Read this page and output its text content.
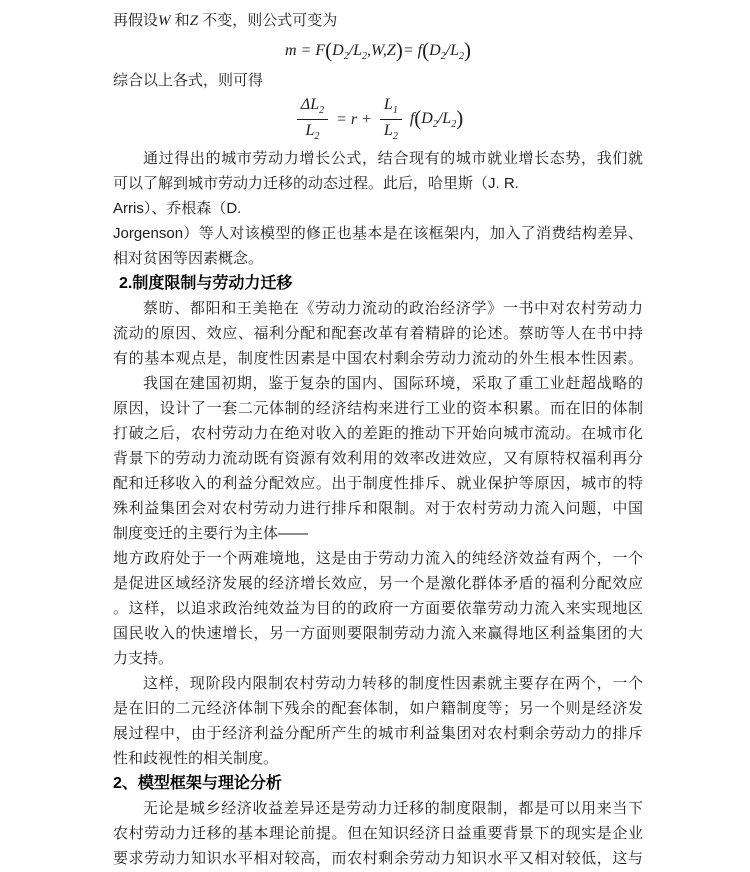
再假设W 和Z 不变，则公式可变为
$m = F(D_2/L_2,W,Z)= f(D_2/L_2)$
综合以上各式，则可得
$\frac{\Delta L_2}{L_2} = r + \frac{L_1}{L_2} f(D_2/L_2)$
通过得出的城市劳动力增长公式，结合现有的城市就业增长态势，我们就
可以了解到城市劳动力迁移的动态过程。此后，哈里斯（J. R.
Arris）、乔根森（D.
Jorgenson）等人对该模型的修正也基本是在该框架内，加入了消费结构差异、
相对贫困等因素概念。
2.制度限制与劳动力迁移
蔡昉、都阳和王美艳在《劳动力流动的政治经济学》一书中对农村劳动力
流动的原因、效应、福利分配和配套改革有着精辟的论述。蔡昉等人在书中持
有的基本观点是，制度性因素是中国农村剩余劳动力流动的外生根本性因素。
我国在建国初期，鉴于复杂的国内、国际环境，采取了重工业赶超战略的
原因，设计了一套二元体制的经济结构来进行工业的资本积累。而在旧的体制
打破之后，农村劳动力在绝对收入的差距的推动下开始向城市流动。在城市化
背景下的劳动力流动既有资源有效利用的效率改进效应，又有原特权福利再分
配和迁移收入的利益分配效应。出于制度性排斥、就业保护等原因，城市的特
殊利益集团会对农村劳动力进行排斥和限制。对于农村劳动力流入问题，中国
制度变迁的主要行为主体——
地方政府处于一个两难境地，这是由于劳动力流入的纯经济效益有两个，一个
是促进区域经济发展的经济增长效应，另一个是激化群体矛盾的福利分配效应
。这样，以追求政治纯效益为目的的政府一方面要依靠劳动力流入来实现地区
国民收入的快速增长，另一方面则要限制劳动力流入来赢得地区利益集团的大
力支持。
这样，现阶段内限制农村劳动力转移的制度性因素就主要存在两个，一个
是在旧的二元经济体制下残余的配套体制，如户籍制度等；另一个则是经济发
展过程中，由于经济利益分配所产生的城市利益集团对农村剩余劳动力的排斥
性和歧视性的相关制度。
2、模型框架与理论分析
无论是城乡经济收益差异还是劳动力迁移的制度限制，都是可以用来当下
农村劳动力迁移的基本理论前提。但在知识经济日益重要背景下的现实是企业
要求劳动力知识水平相对较高，而农村剩余劳动力知识水平又相对较低，这与
